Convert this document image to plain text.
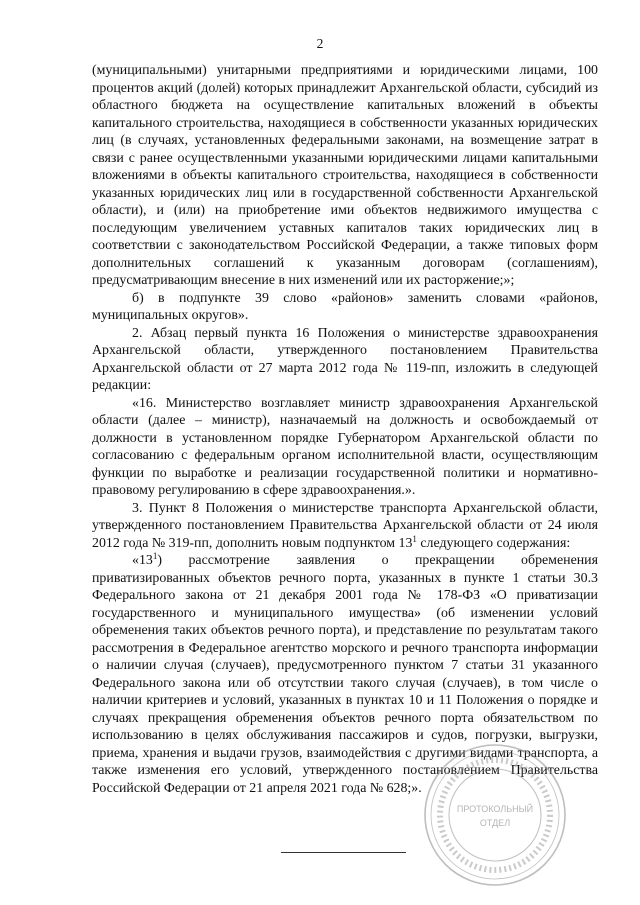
2

(муниципальными) унитарными предприятиями и юридическими лицами, 100 процентов акций (долей) которых принадлежит Архангельской области, субсидий из областного бюджета на осуществление капитальных вложений в объекты капитального строительства, находящиеся в собственности указанных юридических лиц (в случаях, установленных федеральными законами, на возмещение затрат в связи с ранее осуществленными указанными юридическими лицами капитальными вложениями в объекты капитального строительства, находящиеся в собственности указанных юридических лиц или в государственной собственности Архангельской области), и (или) на приобретение ими объектов недвижимого имущества с последующим увеличением уставных капиталов таких юридических лиц в соответствии с законодательством Российской Федерации, а также типовых форм дополнительных соглашений к указанным договорам (соглашениям), предусматривающим внесение в них изменений или их расторжение;»;

б) в подпункте 39 слово «районов» заменить словами «районов, муниципальных округов».

2. Абзац первый пункта 16 Положения о министерстве здравоохранения Архангельской области, утвержденного постановлением Правительства Архангельской области от 27 марта 2012 года № 119-пп, изложить в следующей редакции:

«16. Министерство возглавляет министр здравоохранения Архангельской области (далее – министр), назначаемый на должность и освобождаемый от должности в установленном порядке Губернатором Архангельской области по согласованию с федеральным органом исполнительной власти, осуществляющим функции по выработке и реализации государственной политики и нормативно-правовому регулированию в сфере здравоохранения.».

3. Пункт 8 Положения о министерстве транспорта Архангельской области, утвержденного постановлением Правительства Архангельской области от 24 июля 2012 года № 319-пп, дополнить новым подпунктом $13^1$ следующего содержания:

«$13^1$) рассмотрение заявления о прекращении обременения приватизированных объектов речного порта, указанных в пункте 1 статьи 30.3 Федерального закона от 21 декабря 2001 года № 178-ФЗ «О приватизации государственного и муниципального имущества» (об изменении условий обременения таких объектов речного порта), и представление по результатам такого рассмотрения в Федеральное агентство морского и речного транспорта информации о наличии случая (случаев), предусмотренного пунктом 7 статьи 31 указанного Федерального закона или об отсутствии такого случая (случаев), в том числе о наличии критериев и условий, указанных в пунктах 10 и 11 Положения о порядке и случаях прекращения обременения объектов речного порта обязательством по использованию в целях обслуживания пассажиров и судов, погрузки, выгрузки, приема, хранения и выдачи грузов, взаимодействия с другими видами транспорта, а также изменения его условий, утвержденного постановлением Правительства Российской Федерации от 21 апреля 2021 года № 628;».

ПРОТОКОЛЬНЫЙ
ОТДЕЛ
